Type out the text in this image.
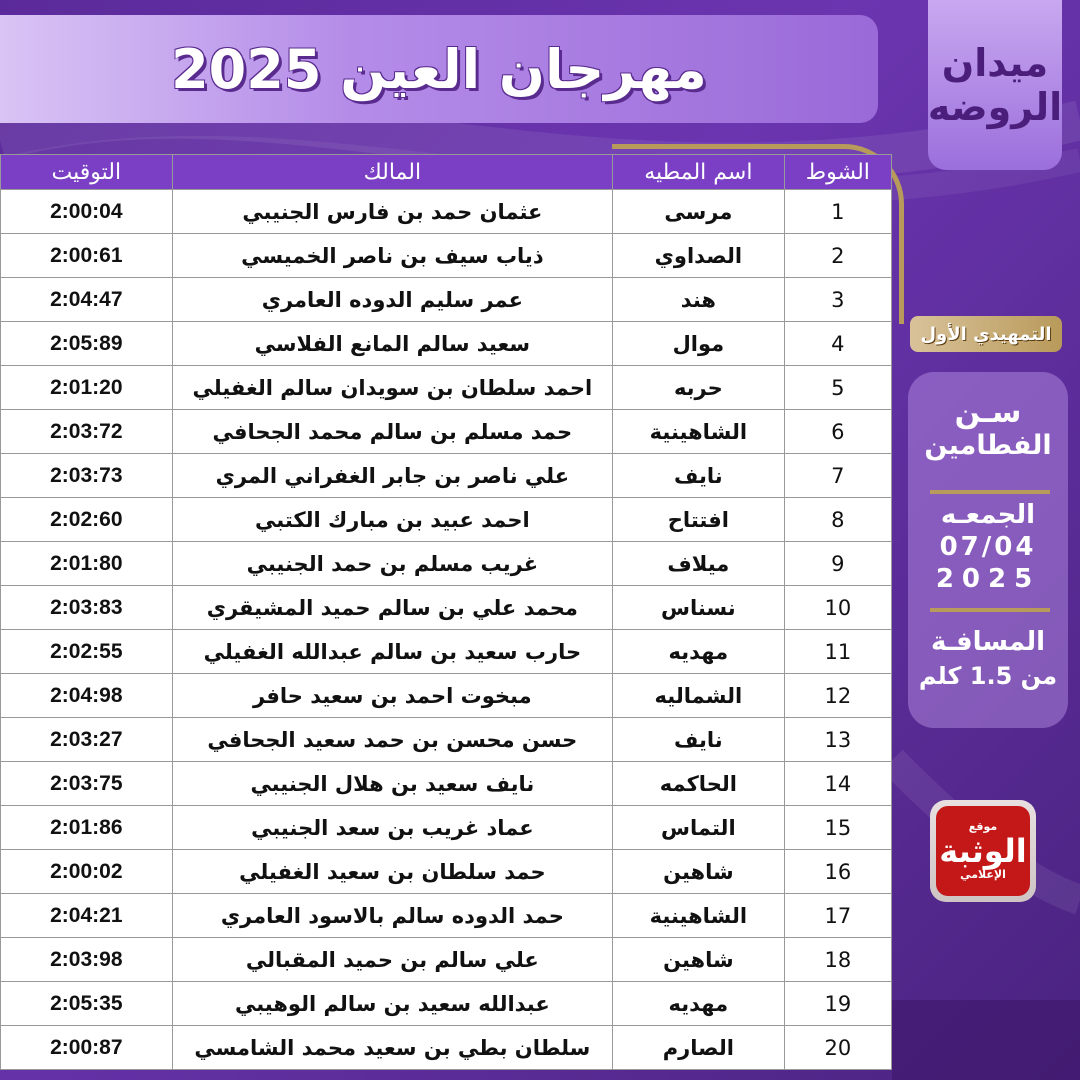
مهرجان العين 2025	ميدان
الروضه
الشوط	اسم المطيه	المالك	التوقيت
1	مرسى	عثمان حمد بن فارس الجنيبي	2:00:04
2	الصداوي	ذياب سيف بن ناصر الخميسي	2:00:61
3	هند	عمر سليم الدوده العامري	2:04:47
4	موال	سعيد سالم المانع الفلاسي	2:05:89
5	حربه	احمد سلطان بن سويدان سالم الغفيلي	2:01:20
6	الشاهينية	حمد مسلم بن سالم محمد الجحافي	2:03:72
7	نايف	علي ناصر بن جابر الغفراني المري	2:03:73
8	افتتاح	احمد عبيد بن مبارك الكتبي	2:02:60
9	ميلاف	غريب مسلم بن حمد الجنيبي	2:01:80
10	نسناس	محمد علي بن سالم حميد المشيقري	2:03:83
11	مهديه	حارب سعيد بن سالم عبدالله الغفيلي	2:02:55
12	الشماليه	مبخوت احمد بن سعيد حافر	2:04:98
13	نايف	حسن محسن بن حمد سعيد الجحافي	2:03:27
14	الحاكمه	نايف سعيد بن هلال الجنيبي	2:03:75
15	التماس	عماد غريب بن سعد الجنيبي	2:01:86
16	شاهين	حمد سلطان بن سعيد الغفيلي	2:00:02
17	الشاهينية	حمد الدوده سالم بالاسود العامري	2:04:21
18	شاهين	علي سالم بن حميد المقبالي	2:03:98
19	مهديه	عبدالله سعيد بن سالم الوهيبي	2:05:35
20	الصارم	سلطان بطي بن سعيد محمد الشامسي	2:00:87
التمهيدي الأول
سـن
الفطامين
الجمعـه
07/04
2025
المسافـة
من 1.5 كلم
موقع
الوثبة
الإعلامي
